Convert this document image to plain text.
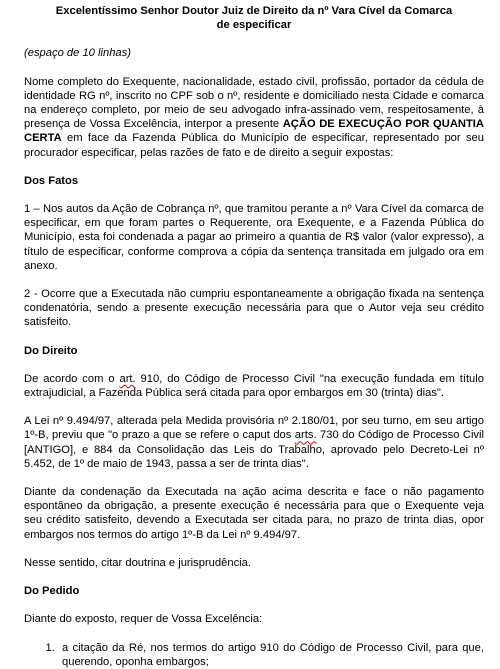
Excelentíssimo Senhor Doutor Juiz de Direito da nº Vara Cível da Comarca
de especificar

(espaço de 10 linhas)

Nome completo do Exequente, nacionalidade, estado civil, profissão, portador da cédula de identidade RG nº, inscrito no CPF sob o nº, residente e domiciliado nesta Cidade e comarca na endereço completo, por meio de seu advogado infra-assinado vem, respeitosamente, à presença de Vossa Excelência, interpor a presente AÇÃO DE EXECUÇÃO POR QUANTIA CERTA em face da Fazenda Pública do Município de especificar, representado por seu procurador especificar, pelas razões de fato e de direito a seguir expostas:

Dos Fatos

1 – Nos autos da Ação de Cobrança nº, que tramitou perante a nº Vara Cível da comarca de especificar, em que foram partes o Requerente, ora Exequente, e a Fazenda Pública do Município, esta foi condenada a pagar ao primeiro a quantia de R$ valor (valor expresso), a título de especificar, conforme comprova a cópia da sentença transitada em julgado ora em anexo.

2 - Ocorre que a Executada não cumpriu espontaneamente a obrigação fixada na sentença condenatória, sendo a presente execução necessária para que o Autor veja seu crédito satisfeito.

Do Direito

De acordo com o art. 910, do Código de Processo Civil "na execução fundada em título extrajudicial, a Fazenda Pública será citada para opor embargos em 30 (trinta) dias".

A Lei nº 9.494/97, alterada pela Medida provisória nº 2.180/01, por seu turno, em seu artigo 1º-B, previu que "o prazo a que se refere o caput dos arts. 730 do Código de Processo Civil [ANTIGO], e 884 da Consolidação das Leis do Trabalho, aprovado pelo Decreto-Lei nº 5.452, de 1º de maio de 1943, passa a ser de trinta dias".

Diante da condenação da Executada na ação acima descrita e face o não pagamento espontâneo da obrigação, a presente execução é necessária para que o Exequente veja seu crédito satisfeito, devendo a Executada ser citada para, no prazo de trinta dias, opor embargos nos termos do artigo 1º-B da Lei nº 9.494/97.

Nesse sentido, citar doutrina e jurisprudência.

Do Pedido

Diante do exposto, requer de Vossa Excelência:

1. a citação da Ré, nos termos do artigo 910 do Código de Processo Civil, para que, querendo, oponha embargos;
